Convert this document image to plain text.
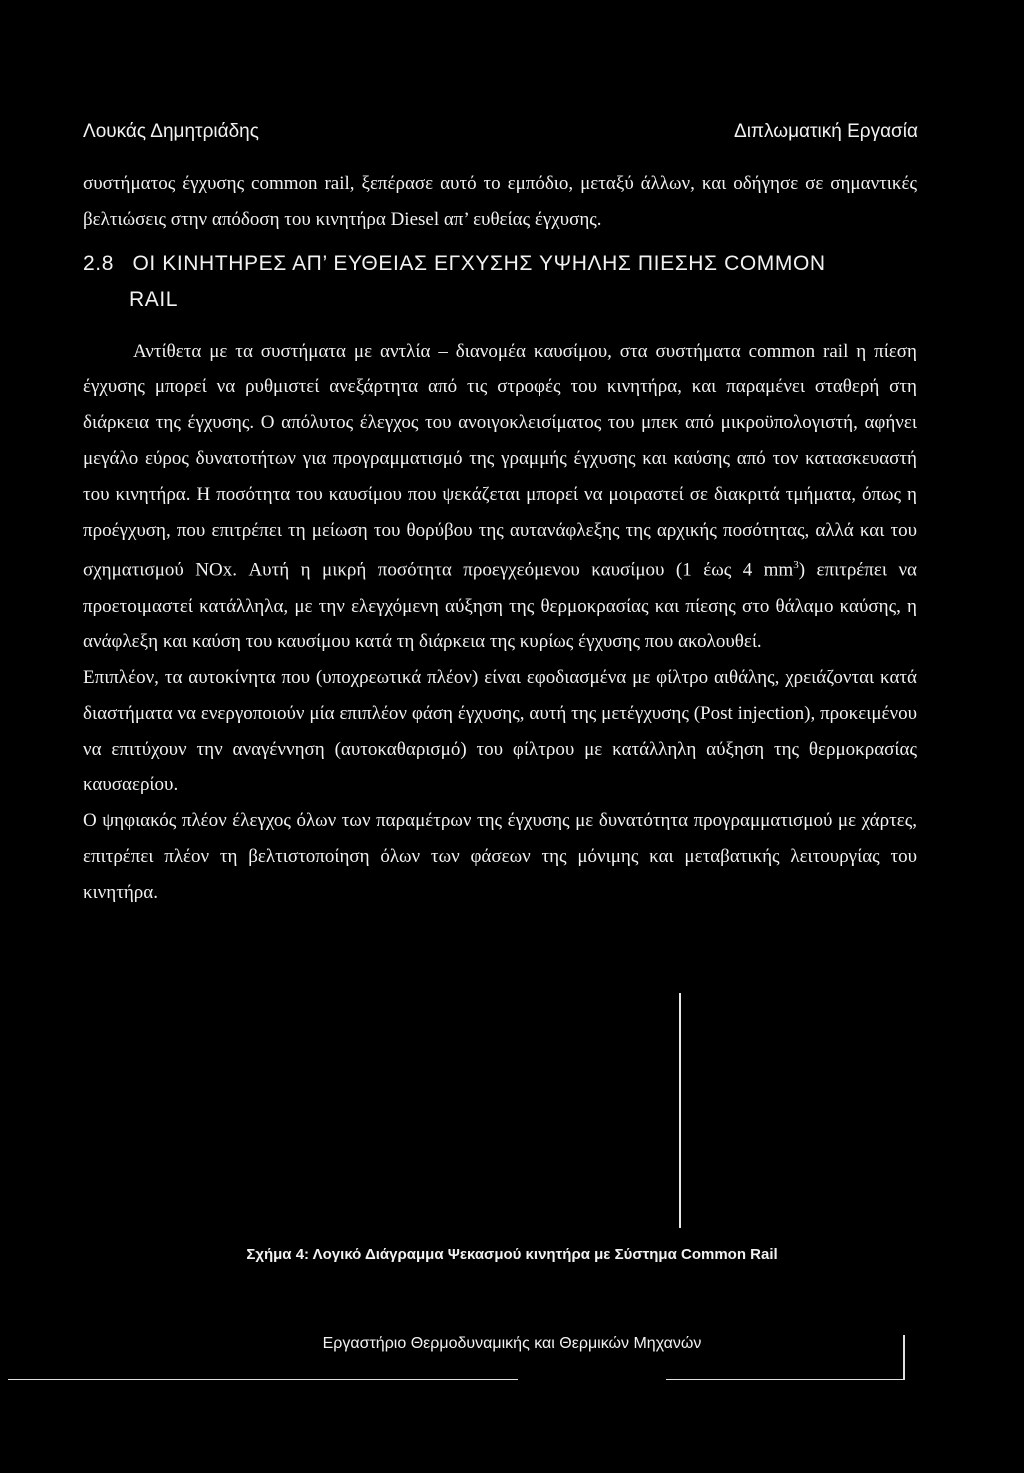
Λουκάς Δημητριάδης	Διπλωματική Εργασία

συστήματος έγχυσης common rail, ξεπέρασε αυτό το εμπόδιο, μεταξύ άλλων, και οδήγησε σε σημαντικές βελτιώσεις στην απόδοση του κινητήρα Diesel απ’ ευθείας έγχυσης.

2.8 ΟΙ ΚΙΝΗΤΗΡΕΣ ΑΠ’ ΕΥΘΕΙΑΣ ΕΓΧΥΣΗΣ ΥΨΗΛΗΣ ΠΙΕΣΗΣ COMMON
RAIL

Αντίθετα με τα συστήματα με αντλία – διανομέα καυσίμου, στα συστήματα common rail η πίεση έγχυσης μπορεί να ρυθμιστεί ανεξάρτητα από τις στροφές του κινητήρα, και παραμένει σταθερή στη διάρκεια της έγχυσης. Ο απόλυτος έλεγχος του ανοιγοκλεισίματος του μπεκ από μικροϋπολογιστή, αφήνει μεγάλο εύρος δυνατοτήτων για προγραμματισμό της γραμμής έγχυσης και καύσης από τον κατασκευαστή του κινητήρα. Η ποσότητα του καυσίμου που ψεκάζεται μπορεί να μοιραστεί σε διακριτά τμήματα, όπως η προέγχυση, που επιτρέπει τη μείωση του θορύβου της αυτανάφλεξης της αρχικής ποσότητας, αλλά και του σχηματισμού NOx. Αυτή η μικρή ποσότητα προεγχεόμενου καυσίμου (1 έως 4 $mm^3$) επιτρέπει να προετοιμαστεί κατάλληλα, με την ελεγχόμενη αύξηση της θερμοκρασίας και πίεσης στο θάλαμο καύσης, η ανάφλεξη και καύση του καυσίμου κατά τη διάρκεια της κυρίως έγχυσης που ακολουθεί.

Επιπλέον, τα αυτοκίνητα που (υποχρεωτικά πλέον) είναι εφοδιασμένα με φίλτρο αιθάλης, χρειάζονται κατά διαστήματα να ενεργοποιούν μία επιπλέον φάση έγχυσης, αυτή της μετέγχυσης (Post injection), προκειμένου να επιτύχουν την αναγέννηση (αυτοκαθαρισμό) του φίλτρου με κατάλληλη αύξηση της θερμοκρασίας καυσαερίου.

Ο ψηφιακός πλέον έλεγχος όλων των παραμέτρων της έγχυσης με δυνατότητα προγραμματισμού με χάρτες, επιτρέπει πλέον τη βελτιστοποίηση όλων των φάσεων της μόνιμης και μεταβατικής λειτουργίας του κινητήρα.

Σχήμα 4: Λογικό Διάγραμμα Ψεκασμού κινητήρα με Σύστημα Common Rail
Εργαστήριο Θερμοδυναμικής και Θερμικών Μηχανών
